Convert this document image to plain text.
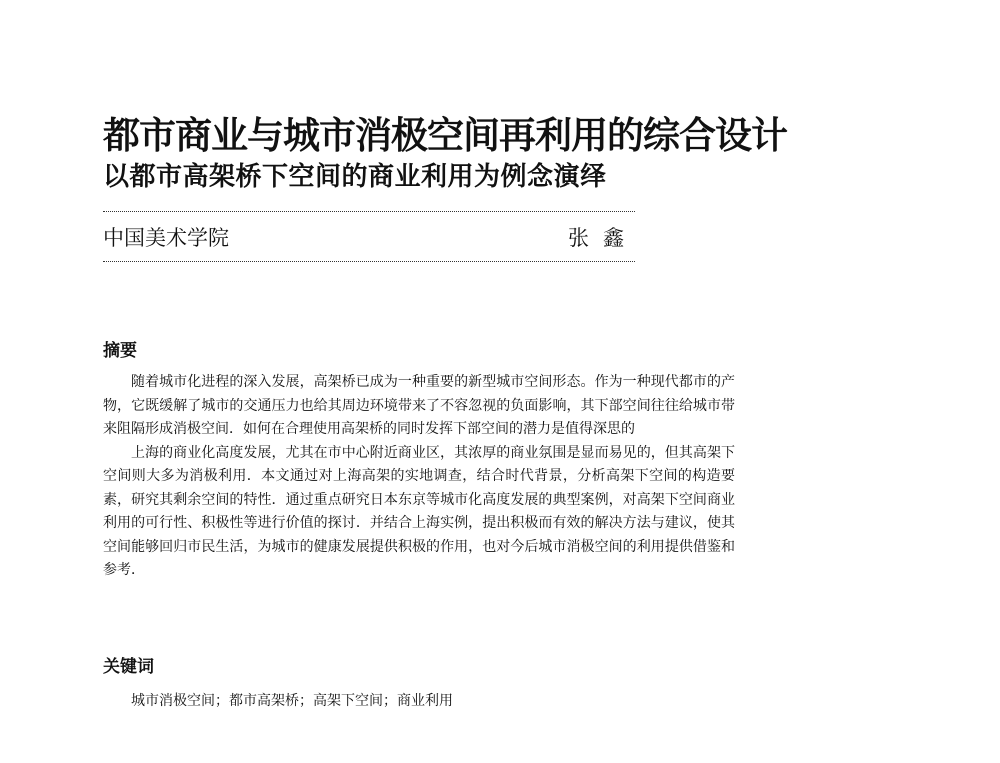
都市商业与城市消极空间再利用的综合设计
以都市高架桥下空间的商业利用为例念演绎
中国美术学院	张鑫
摘要

随着城市化进程的深入发展，高架桥已成为一种重要的新型城市空间形态。作为一种现代都市的产物，它既缓解了城市的交通压力也给其周边环境带来了不容忽视的负面影响，其下部空间往往给城市带来阻隔形成消极空间．如何在合理使用高架桥的同时发挥下部空间的潜力是值得深思的

上海的商业化高度发展，尤其在市中心附近商业区，其浓厚的商业氛围是显而易见的，但其高架下空间则大多为消极利用．本文通过对上海高架的实地调查，结合时代背景，分析高架下空间的构造要素，研究其剩余空间的特性．通过重点研究日本东京等城市化高度发展的典型案例，对高架下空间商业利用的可行性、积极性等进行价值的探讨．并结合上海实例，提出积极而有效的解决方法与建议，使其空间能够回归市民生活，为城市的健康发展提供积极的作用，也对今后城市消极空间的利用提供借鉴和参考．

关键词
城市消极空间；都市高架桥；高架下空间；商业利用
